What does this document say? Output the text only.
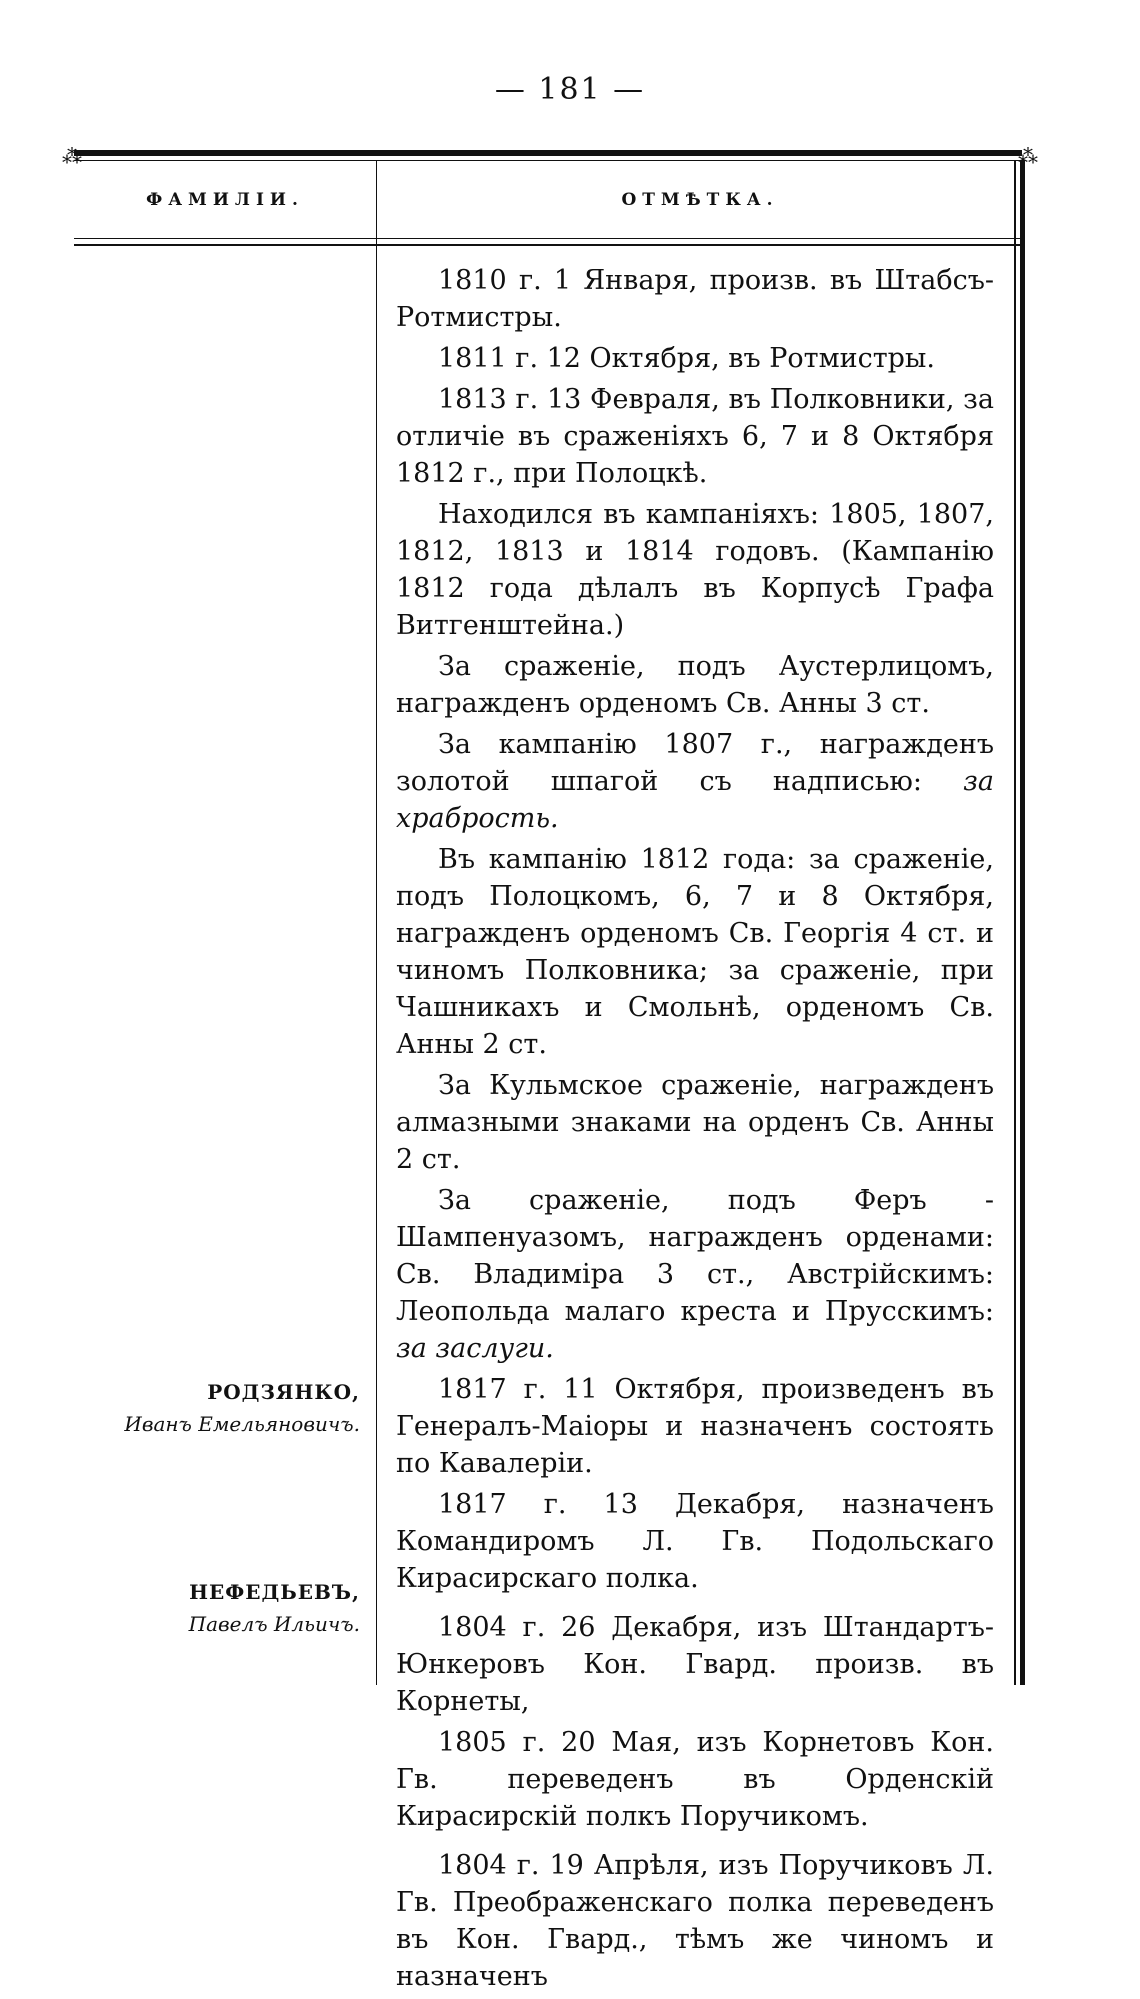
— 181 —
⁂	⁂
ФАМИЛІИ.	ОТМѢТКА.
РОДЗЯНКО,
Иванъ Емельяновичъ.
НЕФЕДЬЕВЪ,
Павелъ Ильичъ.

1810 г. 1 Января, произв. въ Штабсъ-Ротмистры.

1811 г. 12 Октября, въ Ротмистры.

1813 г. 13 Февраля, въ Полковники, за отличіе въ сраженіяхъ 6, 7 и 8 Октября 1812 г., при Полоцкѣ.

Находился въ кампаніяхъ: 1805, 1807, 1812, 1813 и 1814 годовъ. (Кампанію 1812 года дѣлалъ въ Корпусѣ Графа Витгенштейна.)

За сраженіе, подъ Аустерлицомъ, награжденъ орденомъ Св. Анны 3 ст.

За кампанію 1807 г., награжденъ золотой шпагой съ надписью: за храбрость.

Въ кампанію 1812 года: за сраженіе, подъ Полоцкомъ, 6, 7 и 8 Октября, награжденъ орденомъ Св. Георгія 4 ст. и чиномъ Полковника; за сраженіе, при Чашникахъ и Смольнѣ, орденомъ Св. Анны 2 ст.

За Кульмское сраженіе, награжденъ алмазными знаками на орденъ Св. Анны 2 ст.

За сраженіе, подъ Феръ - Шампенуазомъ, награжденъ орденами: Св. Владиміра 3 ст., Австрійскимъ: Леопольда малаго креста и Прусскимъ: за заслуги.

1817 г. 11 Октября, произведенъ въ Генералъ-Маіоры и назначенъ состоять по Кавалеріи.

1817 г. 13 Декабря, назначенъ Командиромъ Л. Гв. Подольскаго Кирасирскаго полка.

1804 г. 26 Декабря, изъ Штандартъ-Юнкеровъ Кон. Гвард. произв. въ Корнеты,

1805 г. 20 Мая, изъ Корнетовъ Кон. Гв. переведенъ въ Орденскій Кирасирскій полкъ Поручикомъ.

1804 г. 19 Апрѣля, изъ Поручиковъ Л. Гв. Преображенскаго полка переведенъ въ Кон. Гвард., тѣмъ же чиномъ и назначенъ
